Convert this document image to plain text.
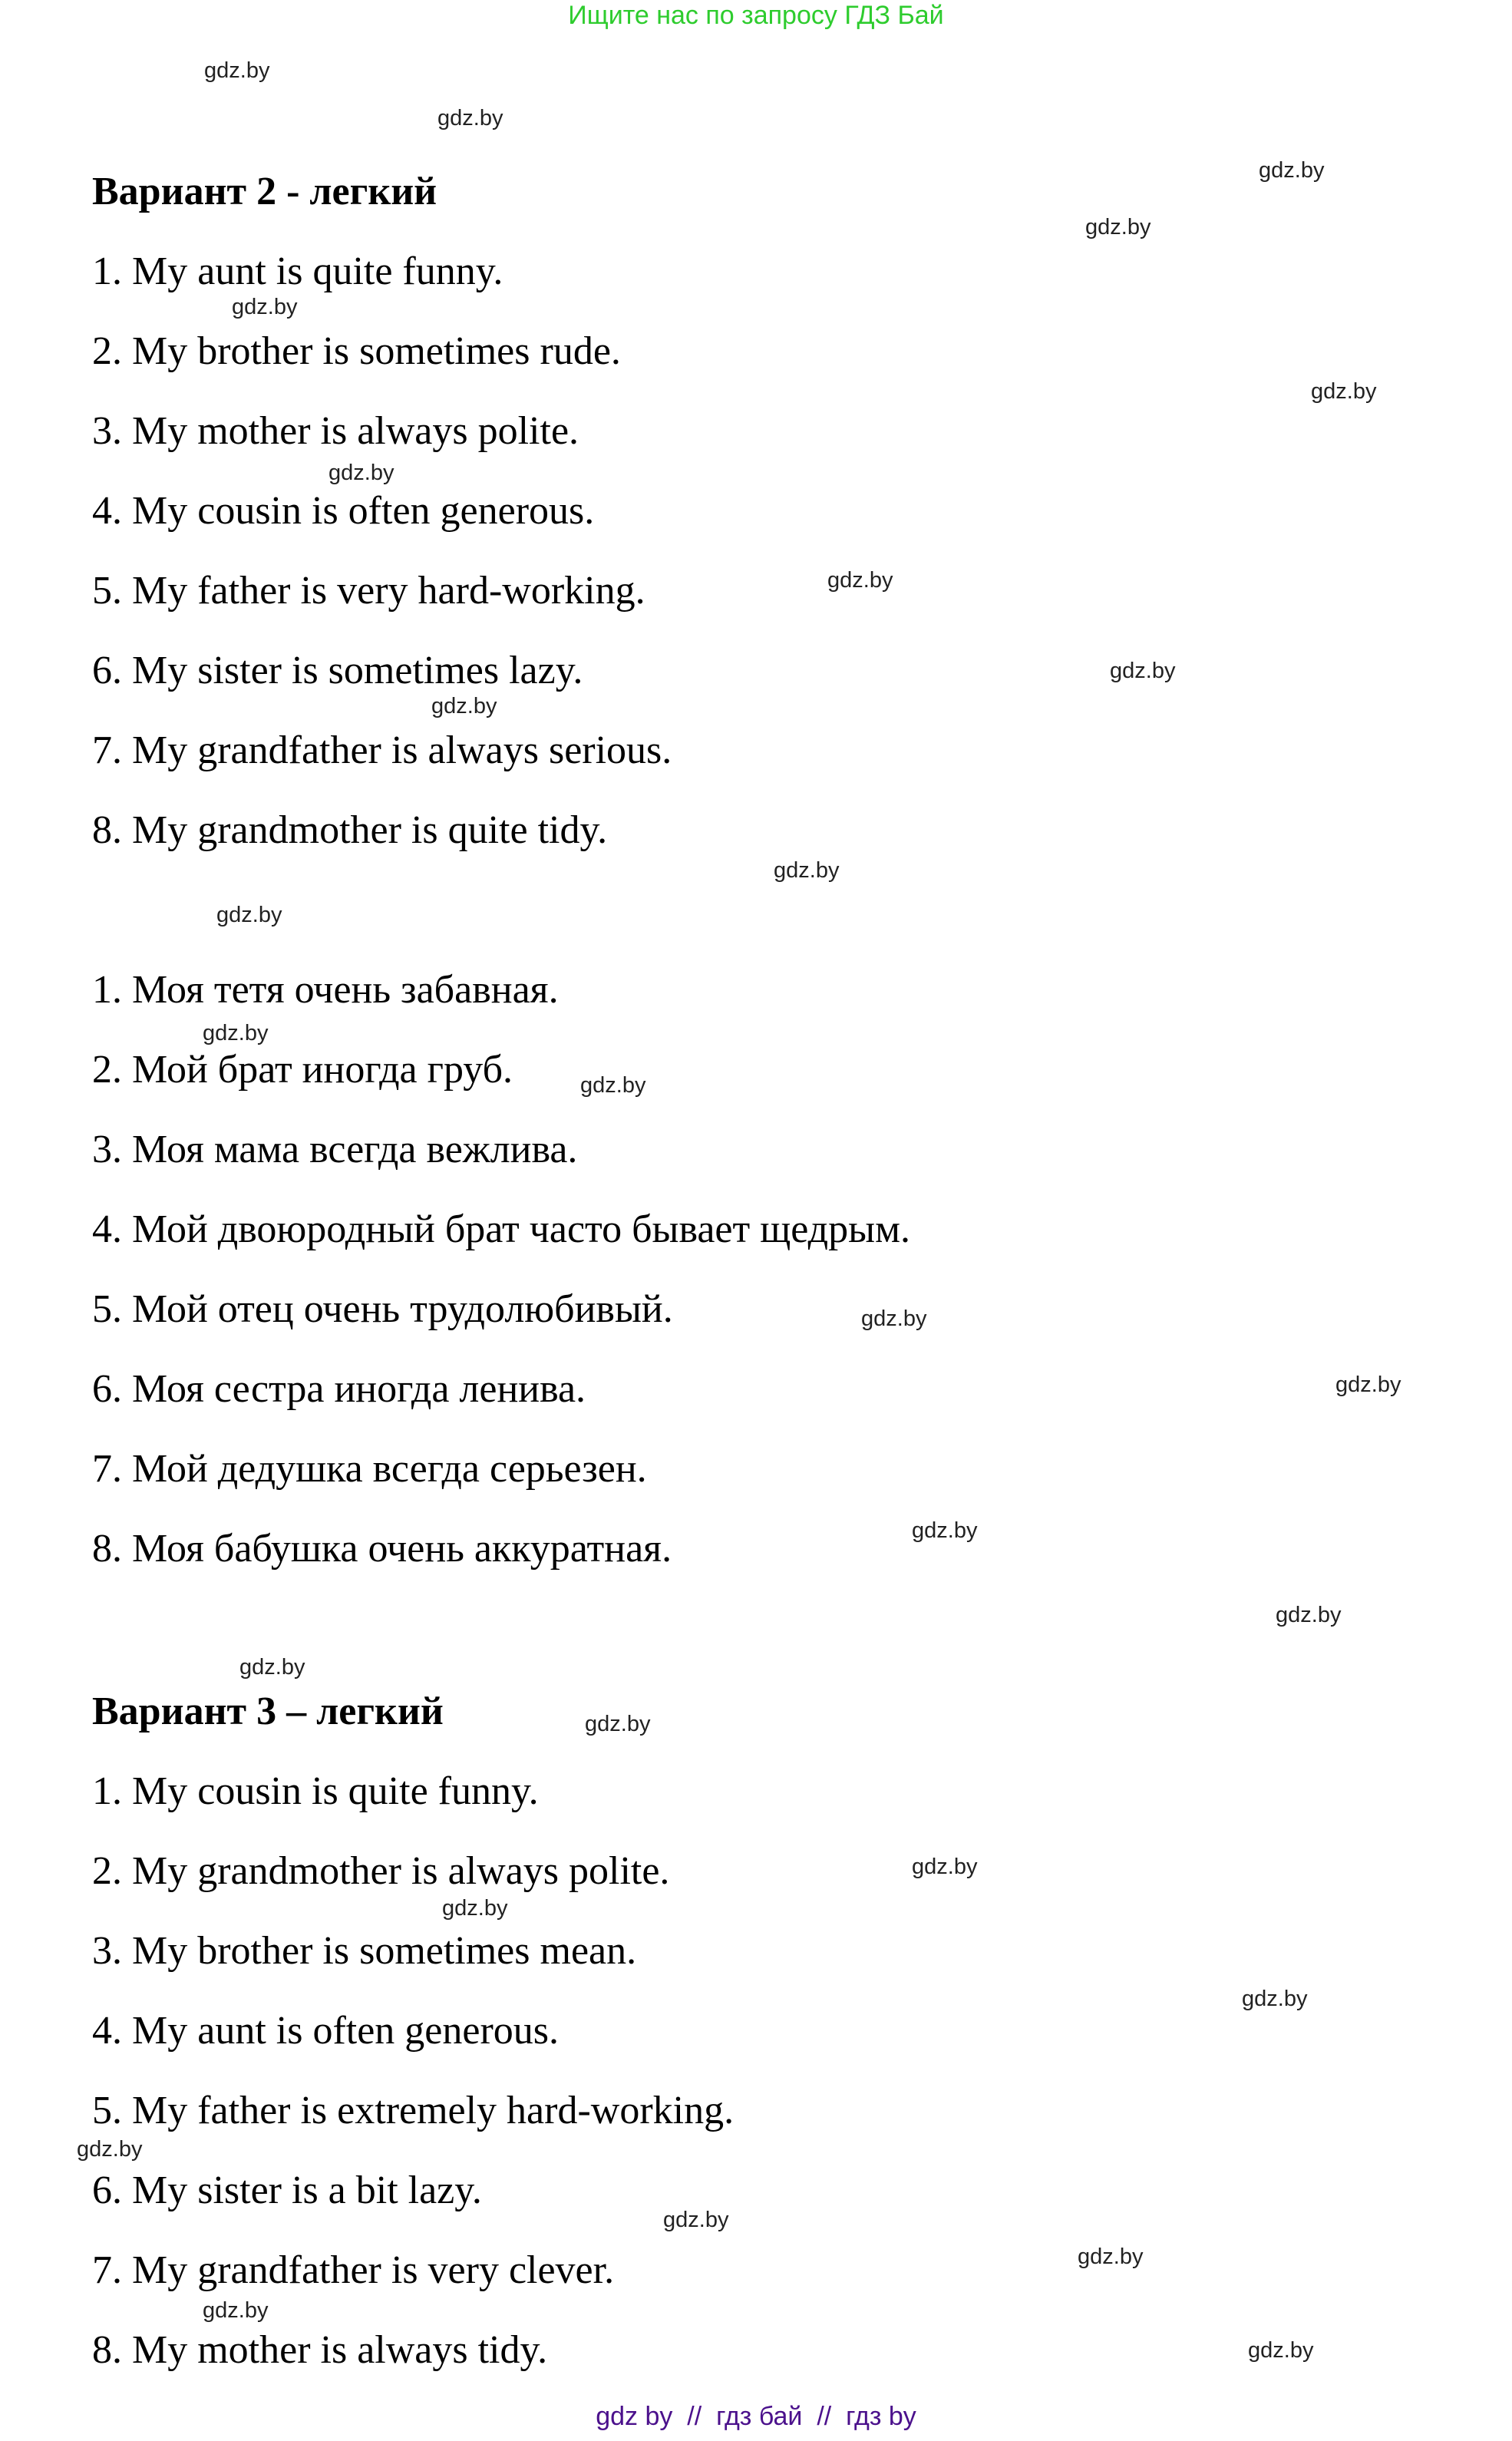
Ищите нас по запросу ГДЗ Бай
Вариант 2 - легкий
1. My aunt is quite funny.
2. My brother is sometimes rude.
3. My mother is always polite.
4. My cousin is often generous.
5. My father is very hard-working.
6. My sister is sometimes lazy.
7. My grandfather is always serious.
8. My grandmother is quite tidy.
1. Моя тетя очень забавная.
2. Мой брат иногда груб.
3. Моя мама всегда вежлива.
4. Мой двоюродный брат часто бывает щедрым.
5. Мой отец очень трудолюбивый.
6. Моя сестра иногда ленива.
7. Мой дедушка всегда серьезен.
8. Моя бабушка очень аккуратная.
Вариант 3 – легкий
1. My cousin is quite funny.
2. My grandmother is always polite.
3. My brother is sometimes mean.
4. My aunt is often generous.
5. My father is extremely hard-working.
6. My sister is a bit lazy.
7. My grandfather is very clever.
8. My mother is always tidy.
gdz.by
gdz.by
gdz.by
gdz.by
gdz.by
gdz.by
gdz.by
gdz.by
gdz.by
gdz.by
gdz.by
gdz.by
gdz.by
gdz.by
gdz.by
gdz.by
gdz.by
gdz.by
gdz.by
gdz.by
gdz.by
gdz.by
gdz.by
gdz.by
gdz.by
gdz.by
gdz.by
gdz.by
gdz by  //  гдз бай  //  гдз by
